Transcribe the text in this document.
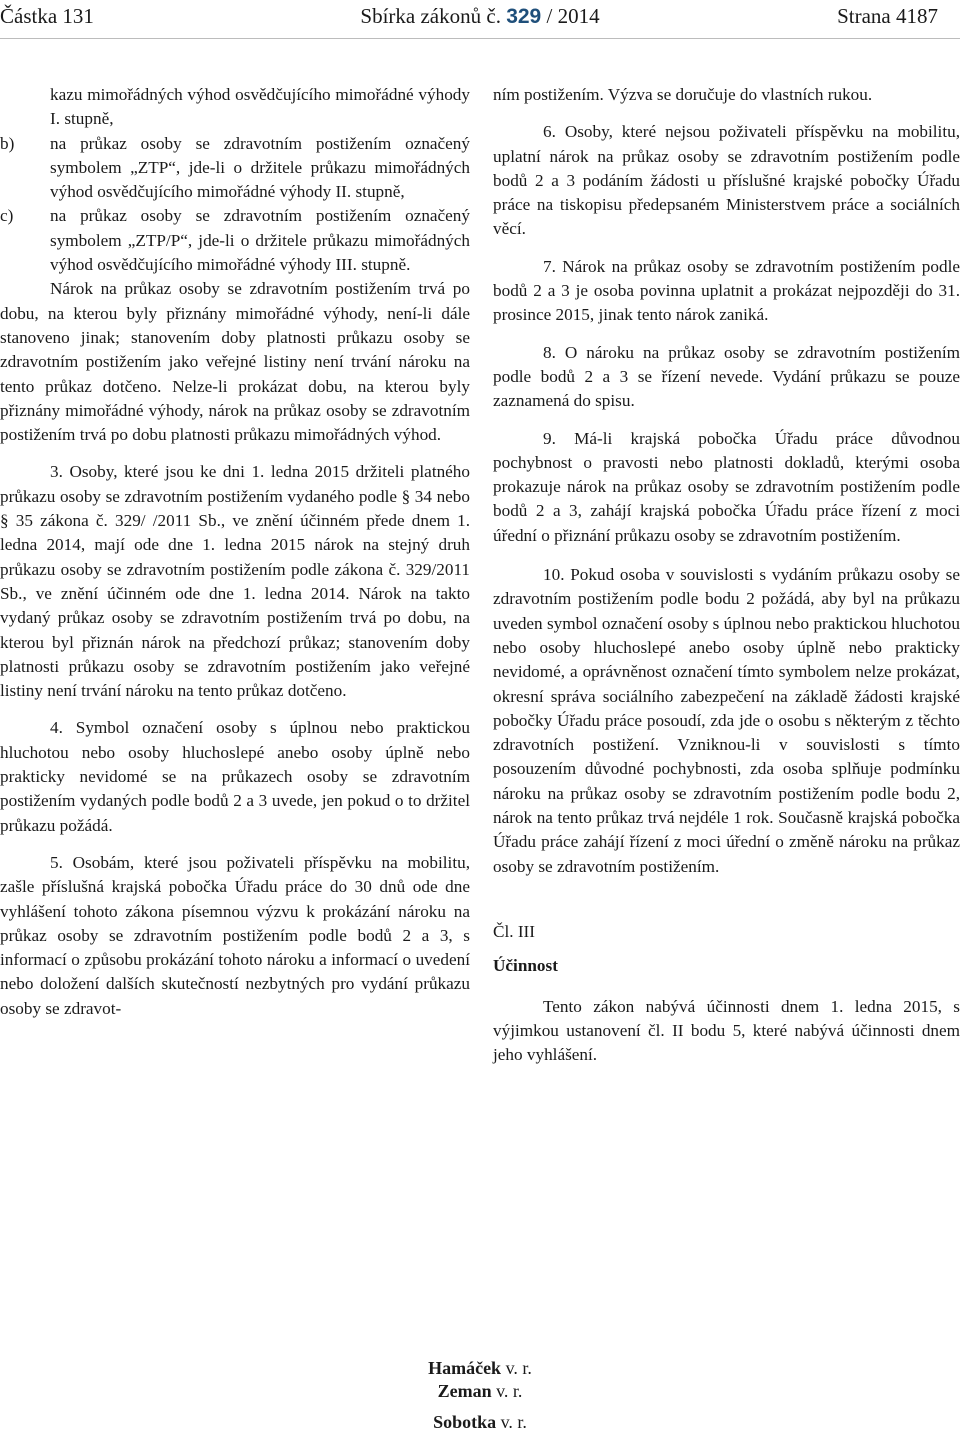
Částka 131	Sbírka zákonů č. 329 / 2014	Strana 4187

kazu mimořádných výhod osvědčujícího mimořádné výhody I. stupně,

b)	na průkaz osoby se zdravotním postižením označený symbolem „ZTP“, jde-li o držitele průkazu mimořádných výhod osvědčujícího mimořádné výhody II. stupně,
c)	na průkaz osoby se zdravotním postižením označený symbolem „ZTP/P“, jde-li o držitele průkazu mimořádných výhod osvědčujícího mimořádné výhody III. stupně.

Nárok na průkaz osoby se zdravotním postižením trvá po dobu, na kterou byly přiznány mimořádné výhody, není-li dále stanoveno jinak; stanovením doby platnosti průkazu osoby se zdravotním postižením jako veřejné listiny není trvání nároku na tento průkaz dotčeno. Nelze-li prokázat dobu, na kterou byly přiznány mimořádné výhody, nárok na průkaz osoby se zdravotním postižením trvá po dobu platnosti průkazu mimořádných výhod.

3. Osoby, které jsou ke dni 1. ledna 2015 držiteli platného průkazu osoby se zdravotním postižením vydaného podle § 34 nebo § 35 zákona č. 329/ /2011 Sb., ve znění účinném přede dnem 1. ledna 2014, mají ode dne 1. ledna 2015 nárok na stejný druh průkazu osoby se zdravotním postižením podle zákona č. 329/2011 Sb., ve znění účinném ode dne 1. ledna 2014. Nárok na takto vydaný průkaz osoby se zdravotním postižením trvá po dobu, na kterou byl přiznán nárok na předchozí průkaz; stanovením doby platnosti průkazu osoby se zdravotním postižením jako veřejné listiny není trvání nároku na tento průkaz dotčeno.

4. Symbol označení osoby s úplnou nebo praktickou hluchotou nebo osoby hluchoslepé anebo osoby úplně nebo prakticky nevidomé se na průkazech osoby se zdravotním postižením vydaných podle bodů 2 a 3 uvede, jen pokud o to držitel průkazu požádá.

5. Osobám, které jsou poživateli příspěvku na mobilitu, zašle příslušná krajská pobočka Úřadu práce do 30 dnů ode dne vyhlášení tohoto zákona písemnou výzvu k prokázání nároku na průkaz osoby se zdravotním postižením podle bodů 2 a 3, s informací o způsobu prokázání tohoto nároku a informací o uvedení nebo doložení dalších skutečností nezbytných pro vydání průkazu osoby se zdravot-

ním postižením. Výzva se doručuje do vlastních rukou.

6. Osoby, které nejsou poživateli příspěvku na mobilitu, uplatní nárok na průkaz osoby se zdravotním postižením podle bodů 2 a 3 podáním žádosti u příslušné krajské pobočky Úřadu práce na tiskopisu předepsaném Ministerstvem práce a sociálních věcí.

7. Nárok na průkaz osoby se zdravotním postižením podle bodů 2 a 3 je osoba povinna uplatnit a prokázat nejpozději do 31. prosince 2015, jinak tento nárok zaniká.

8. O nároku na průkaz osoby se zdravotním postižením podle bodů 2 a 3 se řízení nevede. Vydání průkazu se pouze zaznamená do spisu.

9. Má-li krajská pobočka Úřadu práce důvodnou pochybnost o pravosti nebo platnosti dokladů, kterými osoba prokazuje nárok na průkaz osoby se zdravotním postižením podle bodů 2 a 3, zahájí krajská pobočka Úřadu práce řízení z moci úřední o přiznání průkazu osoby se zdravotním postižením.

10. Pokud osoba v souvislosti s vydáním průkazu osoby se zdravotním postižením podle bodu 2 požádá, aby byl na průkazu uveden symbol označení osoby s úplnou nebo praktickou hluchotou nebo osoby hluchoslepé anebo osoby úplně nebo prakticky nevidomé, a oprávněnost označení tímto symbolem nelze prokázat, okresní správa sociálního zabezpečení na základě žádosti krajské pobočky Úřadu práce posoudí, zda jde o osobu s některým z těchto zdravotních postižení. Vzniknou-li v souvislosti s tímto posouzením důvodné pochybnosti, zda osoba splňuje podmínku nároku na průkaz osoby se zdravotním postižením podle bodu 2, nárok na tento průkaz trvá nejdéle 1 rok. Současně krajská pobočka Úřadu práce zahájí řízení z moci úřední o změně nároku na průkaz osoby se zdravotním postižením.

Čl. III

Účinnost

Tento zákon nabývá účinnosti dnem 1. ledna 2015, s výjimkou ustanovení čl. II bodu 5, které nabývá účinnosti dnem jeho vyhlášení.

Hamáček v. r.
Zeman v. r.
Sobotka v. r.
